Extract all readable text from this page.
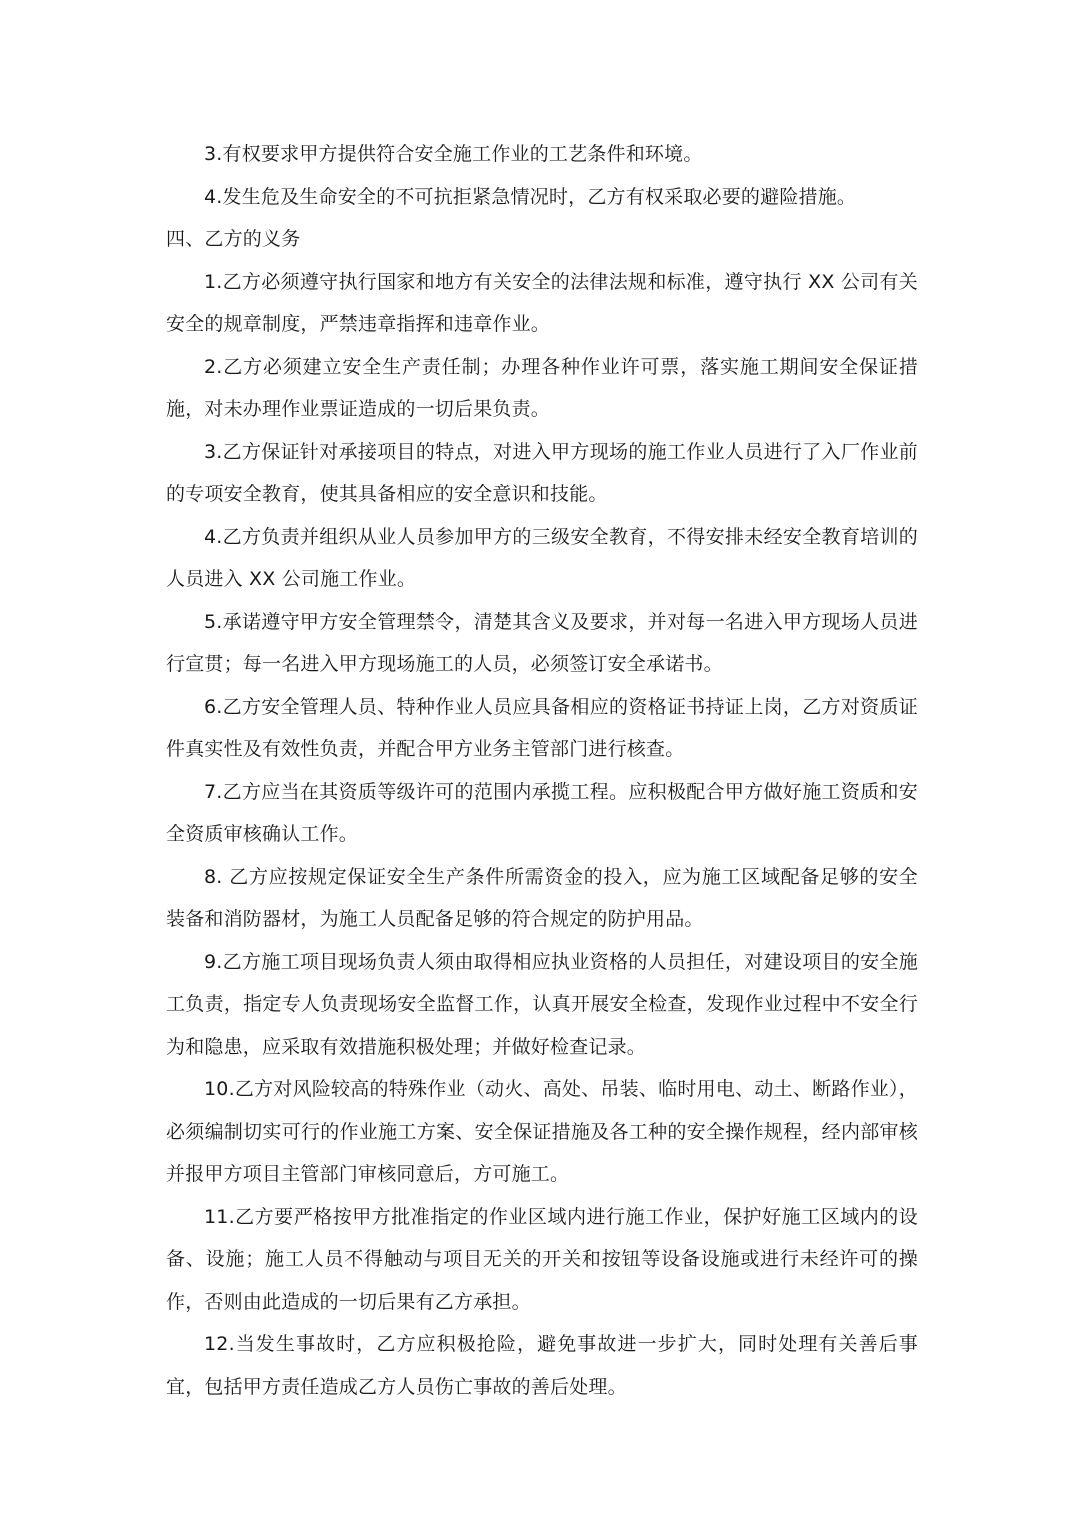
3.有权要求甲方提供符合安全施工作业的工艺条件和环境。

4.发生危及生命安全的不可抗拒紧急情况时，乙方有权采取必要的避险措施。

四、乙方的义务

1.乙方必须遵守执行国家和地方有关安全的法律法规和标准，遵守执行 XX 公司有关安全的规章制度，严禁违章指挥和违章作业。

2.乙方必须建立安全生产责任制；办理各种作业许可票，落实施工期间安全保证措施，对未办理作业票证造成的一切后果负责。

3.乙方保证针对承接项目的特点，对进入甲方现场的施工作业人员进行了入厂作业前的专项安全教育，使其具备相应的安全意识和技能。

4.乙方负责并组织从业人员参加甲方的三级安全教育，不得安排未经安全教育培训的人员进入 XX 公司施工作业。

5.承诺遵守甲方安全管理禁令，清楚其含义及要求，并对每一名进入甲方现场人员进行宣贯；每一名进入甲方现场施工的人员，必须签订安全承诺书。

6.乙方安全管理人员、特种作业人员应具备相应的资格证书持证上岗，乙方对资质证件真实性及有效性负责，并配合甲方业务主管部门进行核查。

7.乙方应当在其资质等级许可的范围内承揽工程。应积极配合甲方做好施工资质和安全资质审核确认工作。

8. 乙方应按规定保证安全生产条件所需资金的投入，应为施工区域配备足够的安全装备和消防器材，为施工人员配备足够的符合规定的防护用品。

9.乙方施工项目现场负责人须由取得相应执业资格的人员担任，对建设项目的安全施工负责，指定专人负责现场安全监督工作，认真开展安全检查，发现作业过程中不安全行为和隐患，应采取有效措施积极处理；并做好检查记录。

10.乙方对风险较高的特殊作业（动火、高处、吊装、临时用电、动土、断路作业），必须编制切实可行的作业施工方案、安全保证措施及各工种的安全操作规程，经内部审核并报甲方项目主管部门审核同意后，方可施工。

11.乙方要严格按甲方批准指定的作业区域内进行施工作业，保护好施工区域内的设备、设施；施工人员不得触动与项目无关的开关和按钮等设备设施或进行未经许可的操作，否则由此造成的一切后果有乙方承担。

12.当发生事故时，乙方应积极抢险，避免事故进一步扩大，同时处理有关善后事宜，包括甲方责任造成乙方人员伤亡事故的善后处理。
